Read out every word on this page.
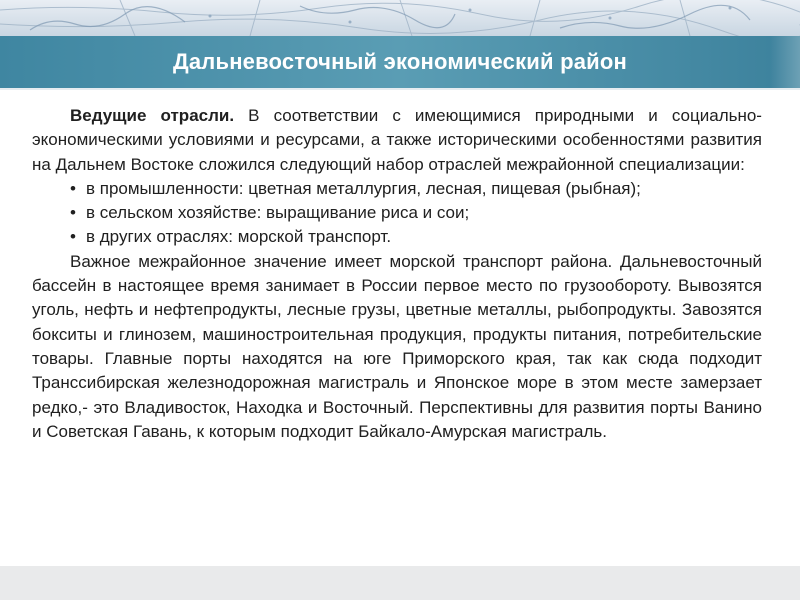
Дальневосточный экономический район

Ведущие отрасли. В соответствии с имеющимися природными и социально-экономическими условиями и ресурсами, а также историческими особенностями развития на Дальнем Востоке сложился следующий набор отраслей межрайонной специализации:

• в промышленности: цветная металлургия, лесная, пищевая (рыбная);
• в сельском хозяйстве: выращивание риса и сои;
• в других отраслях: морской транспорт.

Важное межрайонное значение имеет морской транспорт района. Дальневосточный бассейн в настоящее время занимает в России первое место по грузообороту. Вывозятся уголь, нефть и нефтепродукты, лесные грузы, цветные металлы, рыбопродукты. Завозятся бокситы и глинозем, машиностроительная продукция, продукты питания, потребительские товары. Главные порты находятся на юге Приморского края, так как сюда подходит Транссибирская железнодорожная магистраль и Японское море в этом месте замерзает редко,- это Владивосток, Находка и Восточный. Перспективны для развития порты Ванино и Советская Гавань, к которым подходит Байкало-Амурская магистраль.
